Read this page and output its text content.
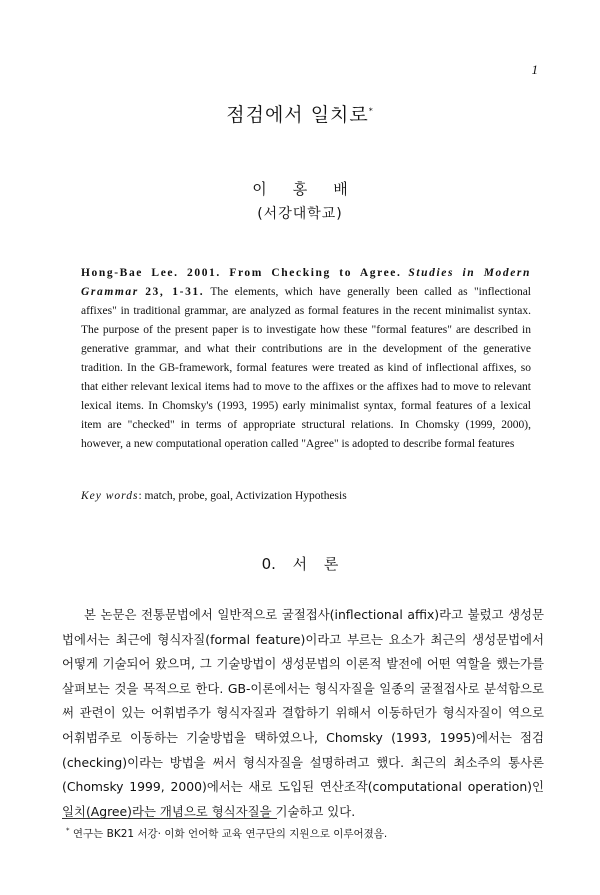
1
점검에서 일치로*
이홍배
(서강대학교)
Hong-Bae Lee. 2001. From Checking to Agree. Studies in Modern Grammar 23, 1-31. The elements, which have generally been called as "inflectional affixes" in traditional grammar, are analyzed as formal features in the recent minimalist syntax. The purpose of the present paper is to investigate how these "formal features" are described in generative grammar, and what their contributions are in the development of the generative tradition. In the GB-framework, formal features were treated as kind of inflectional affixes, so that either relevant lexical items had to move to the affixes or the affixes had to move to relevant lexical items. In Chomsky's (1993, 1995) early minimalist syntax, formal features of a lexical item are "checked" in terms of appropriate structural relations. In Chomsky (1999, 2000), however, a new computational operation called "Agree" is adopted to describe formal features
Key words: match, probe, goal, Activization Hypothesis
0. 서 론

본 논문은 전통문법에서 일반적으로 굴절접사(inflectional affix)라고 불렀고 생성문법에서는 최근에 형식자질(formal feature)이라고 부르는 요소가 최근의 생성문법에서 어떻게 기술되어 왔으며, 그 기술방법이 생성문법의 이론적 발전에 어떤 역할을 했는가를 살펴보는 것을 목적으로 한다. GB-이론에서는 형식자질을 일종의 굴절접사로 분석함으로써 관련이 있는 어휘범주가 형식자질과 결합하기 위해서 이동하던가 형식자질이 역으로 어휘범주로 이동하는 기술방법을 택하였으나, Chomsky (1993, 1995)에서는 점검(checking)이라는 방법을 써서 형식자질을 설명하려고 했다. 최근의 최소주의 통사론 (Chomsky 1999, 2000)에서는 새로 도입된 연산조작(computational operation)인 일치(Agree)라는 개념으로 형식자질을 기술하고 있다.

* 연구는 BK21 서강· 이화 언어학 교육 연구단의 지원으로 이루어졌음.
